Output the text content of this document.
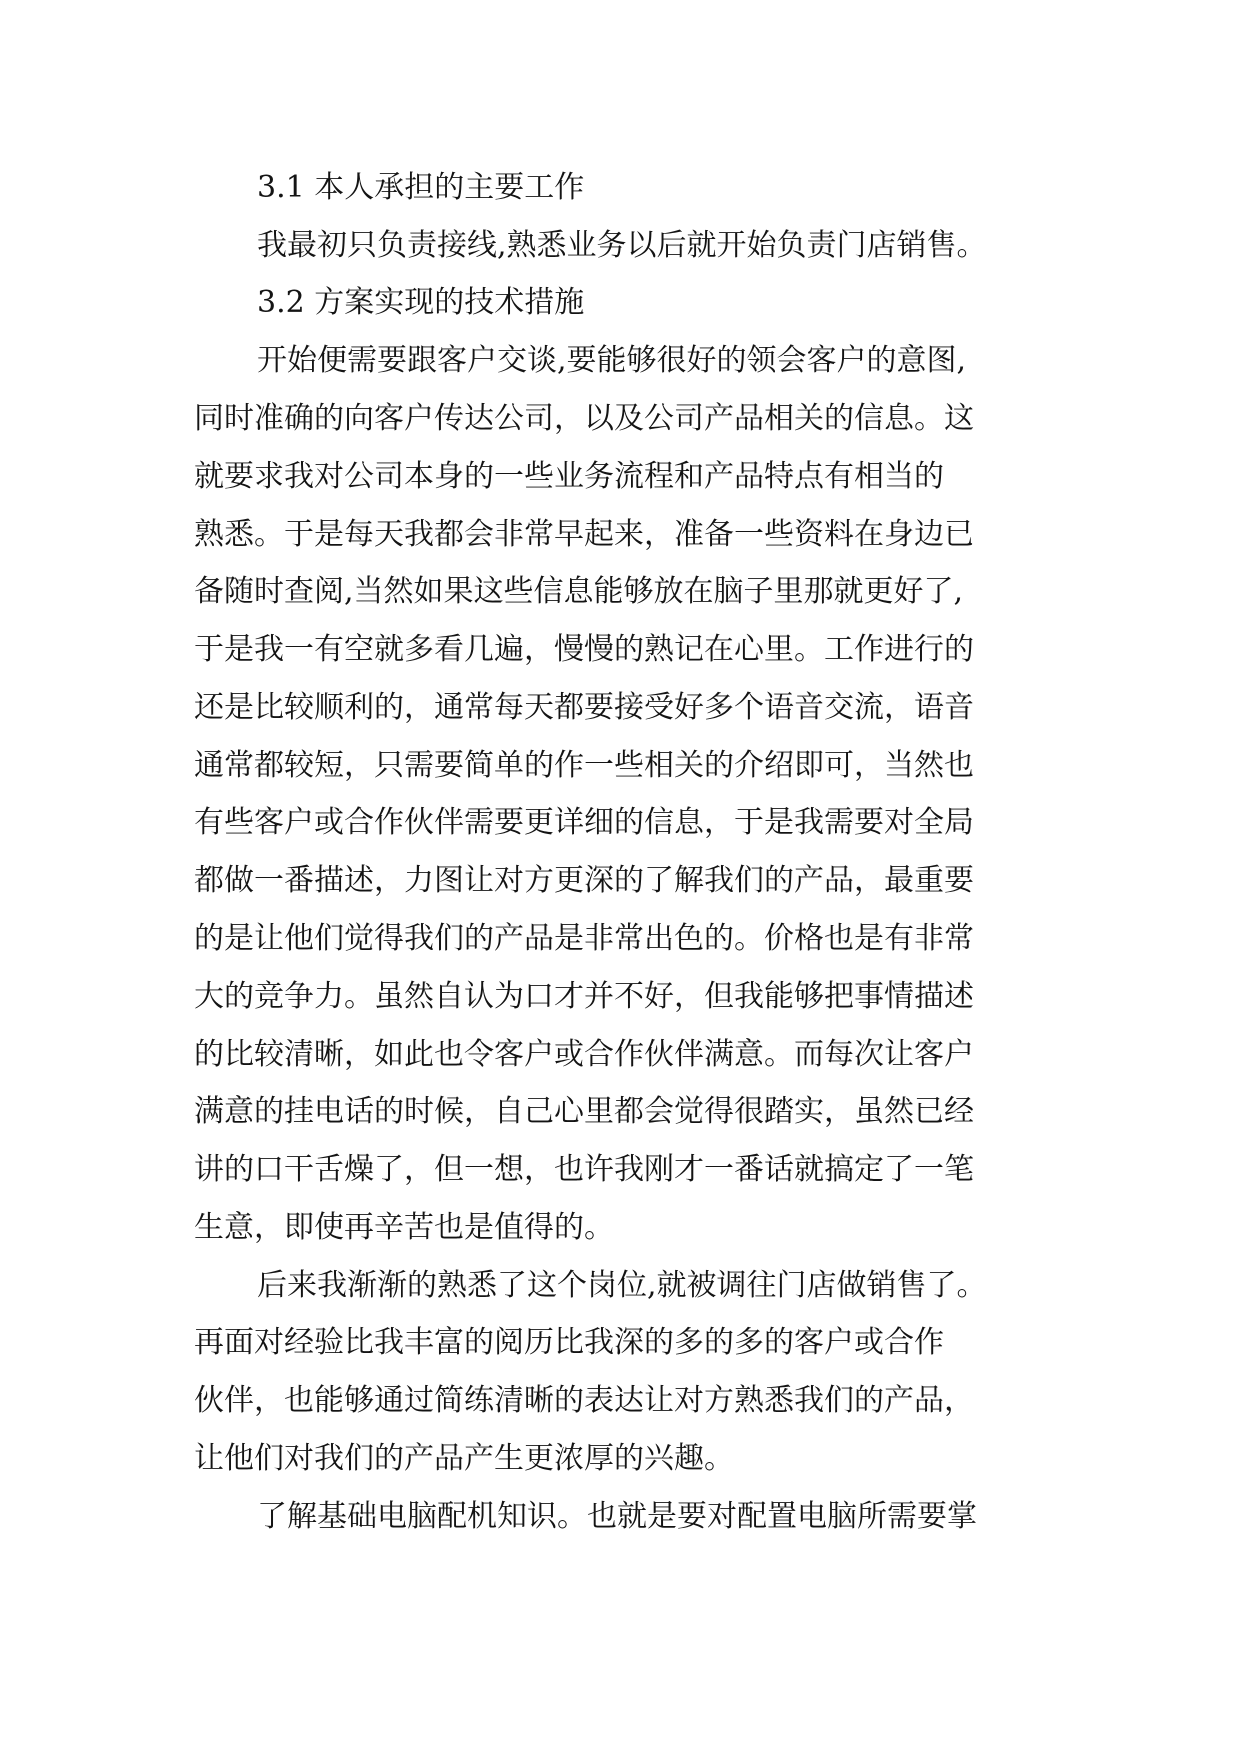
3.1 本人承担的主要工作
我最初只负责接线,熟悉业务以后就开始负责门店销售。
3.2 方案实现的技术措施
开始便需要跟客户交谈,要能够很好的领会客户的意图,
同时准确的向客户传达公司，以及公司产品相关的信息。这
就要求我对公司本身的一些业务流程和产品特点有相当的
熟悉。于是每天我都会非常早起来，准备一些资料在身边已
备随时查阅,当然如果这些信息能够放在脑子里那就更好了,
于是我一有空就多看几遍，慢慢的熟记在心里。工作进行的
还是比较顺利的，通常每天都要接受好多个语音交流，语音
通常都较短，只需要简单的作一些相关的介绍即可，当然也
有些客户或合作伙伴需要更详细的信息，于是我需要对全局
都做一番描述，力图让对方更深的了解我们的产品，最重要
的是让他们觉得我们的产品是非常出色的。价格也是有非常
大的竞争力。虽然自认为口才并不好，但我能够把事情描述
的比较清晰，如此也令客户或合作伙伴满意。而每次让客户
满意的挂电话的时候，自己心里都会觉得很踏实，虽然已经
讲的口干舌燥了，但一想，也许我刚才一番话就搞定了一笔
生意，即使再辛苦也是值得的。
后来我渐渐的熟悉了这个岗位,就被调往门店做销售了。
再面对经验比我丰富的阅历比我深的多的多的客户或合作
伙伴，也能够通过简练清晰的表达让对方熟悉我们的产品，
让他们对我们的产品产生更浓厚的兴趣。
了解基础电脑配机知识。也就是要对配置电脑所需要掌
